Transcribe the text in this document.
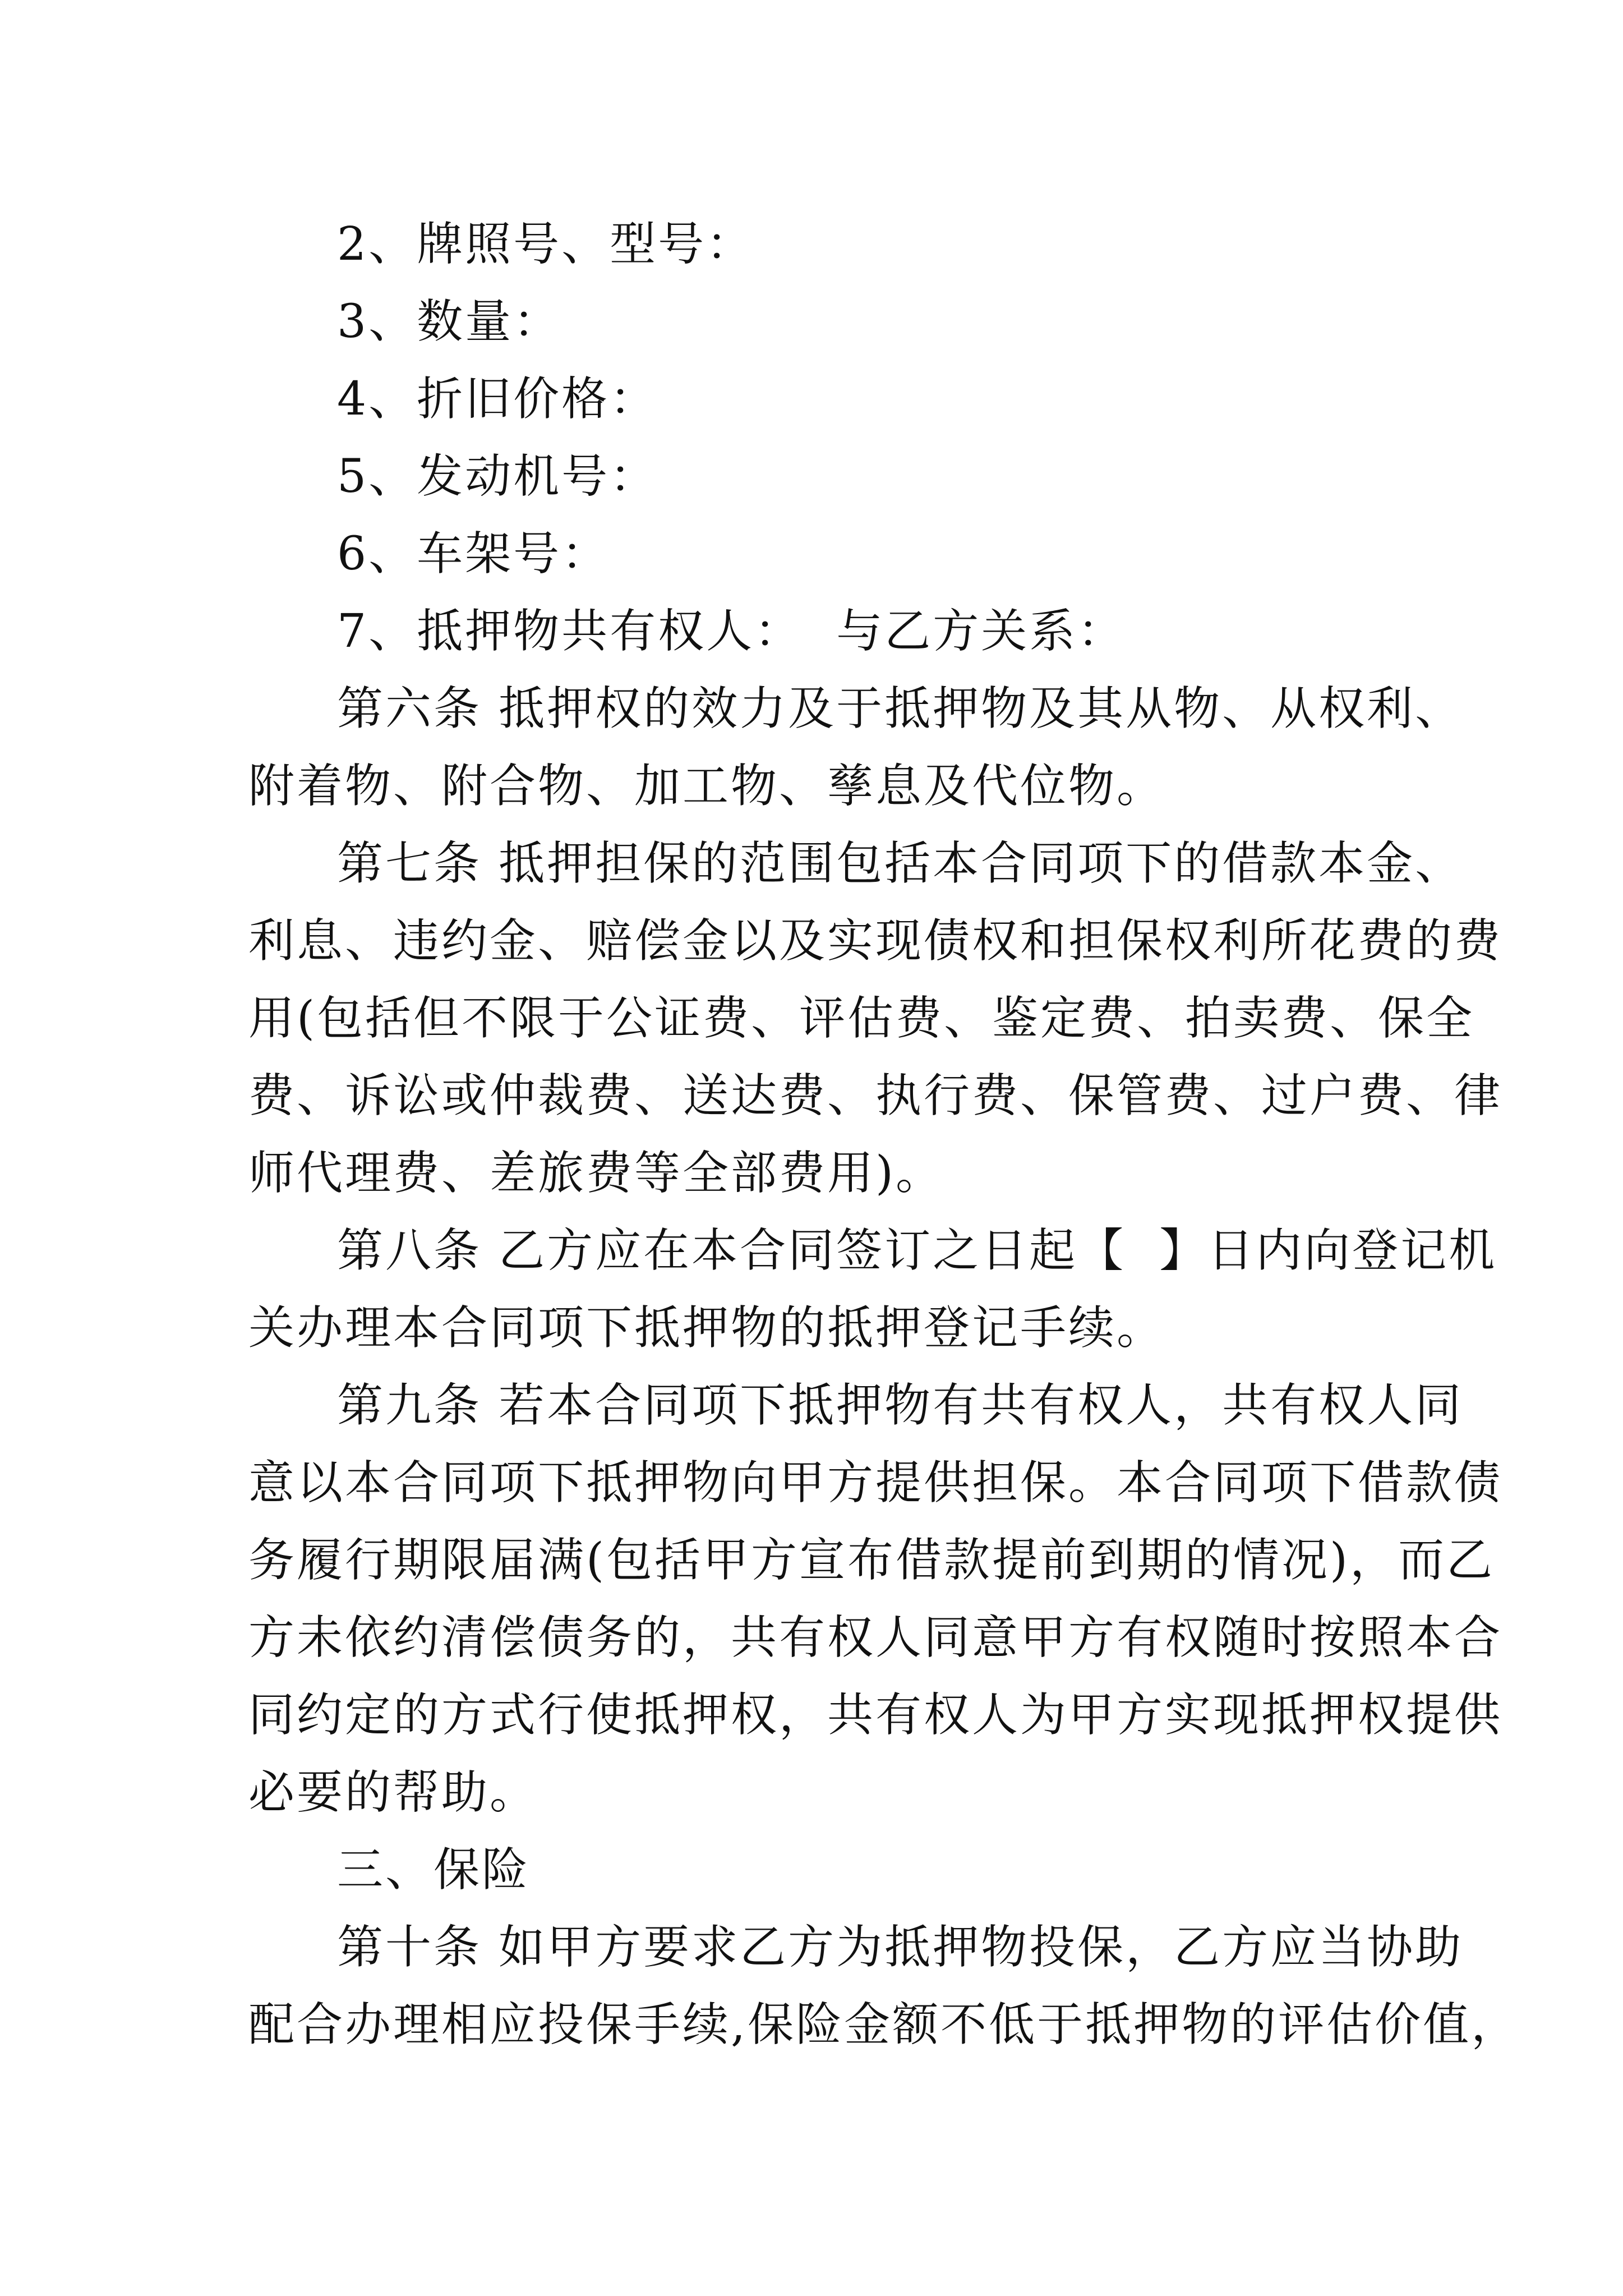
2、牌照号、型号：
3、数量：
4、折旧价格：
5、发动机号：
6、车架号：
7、抵押物共有权人：  与乙方关系：
第六条 抵押权的效力及于抵押物及其从物、从权利、
附着物、附合物、加工物、孳息及代位物。
第七条 抵押担保的范围包括本合同项下的借款本金、
利息、违约金、赔偿金以及实现债权和担保权利所花费的费
用(包括但不限于公证费、评估费、鉴定费、拍卖费、保全
费、诉讼或仲裁费、送达费、执行费、保管费、过户费、律
师代理费、差旅费等全部费用)。
第八条 乙方应在本合同签订之日起【  】日内向登记机
关办理本合同项下抵押物的抵押登记手续。
第九条 若本合同项下抵押物有共有权人，共有权人同
意以本合同项下抵押物向甲方提供担保。本合同项下借款债
务履行期限届满(包括甲方宣布借款提前到期的情况)，而乙
方未依约清偿债务的，共有权人同意甲方有权随时按照本合
同约定的方式行使抵押权，共有权人为甲方实现抵押权提供
必要的帮助。
三、保险
第十条 如甲方要求乙方为抵押物投保，乙方应当协助
配合办理相应投保手续,保险金额不低于抵押物的评估价值，
